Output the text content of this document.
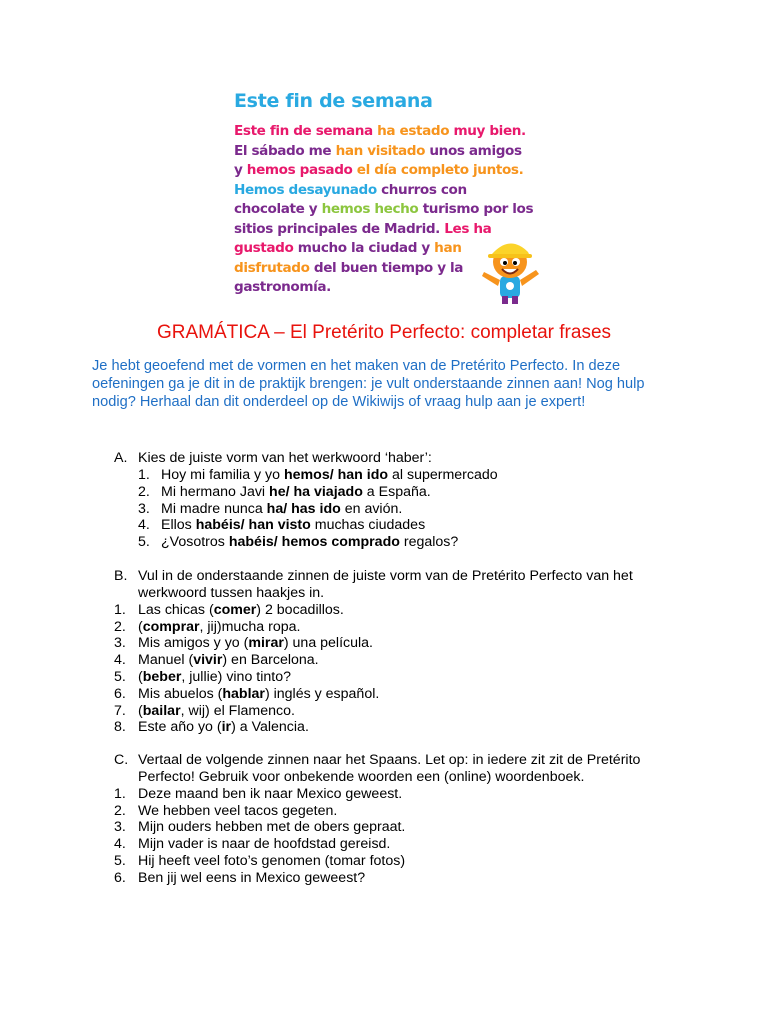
Este fin de semana
Este fin de semana ha estado muy bien. El sábado me han visitado unos amigos y hemos pasado el día completo juntos. Hemos desayunado churros con chocolate y hemos hecho turismo por los sitios principales de Madrid. Les ha gustado mucho la ciudad y han disfrutado del buen tiempo y la gastronomía.
GRAMÁTICA – El Pretérito Perfecto: completar frases
Je hebt geoefend met de vormen en het maken van de Pretérito Perfecto. In deze oefeningen ga je dit in de praktijk brengen: je vult onderstaande zinnen aan! Nog hulp nodig? Herhaal dan dit onderdeel op de Wikiwijs of vraag hulp aan je expert!
A. Kies de juiste vorm van het werkwoord ‘haber’:
1. Hoy mi familia y yo hemos/ han ido al supermercado
2. Mi hermano Javi he/ ha viajado a España.
3. Mi madre nunca ha/ has ido en avión.
4. Ellos habéis/ han visto muchas ciudades
5. ¿Vosotros habéis/ hemos comprado regalos?
B. Vul in de onderstaande zinnen de juiste vorm van de Pretérito Perfecto van het werkwoord tussen haakjes in.
1. Las chicas (comer) 2 bocadillos.
2. (comprar, jij)mucha ropa.
3. Mis amigos y yo (mirar) una película.
4. Manuel (vivir) en Barcelona.
5. (beber, jullie) vino tinto?
6. Mis abuelos (hablar) inglés y español.
7. (bailar, wij) el Flamenco.
8. Este año yo (ir) a Valencia.
C. Vertaal de volgende zinnen naar het Spaans. Let op: in iedere zit zit de Pretérito Perfecto! Gebruik voor onbekende woorden een (online) woordenboek.
1. Deze maand ben ik naar Mexico geweest.
2. We hebben veel tacos gegeten.
3. Mijn ouders hebben met de obers gepraat.
4. Mijn vader is naar de hoofdstad gereisd.
5. Hij heeft veel foto’s genomen (tomar fotos)
6. Ben jij wel eens in Mexico geweest?
